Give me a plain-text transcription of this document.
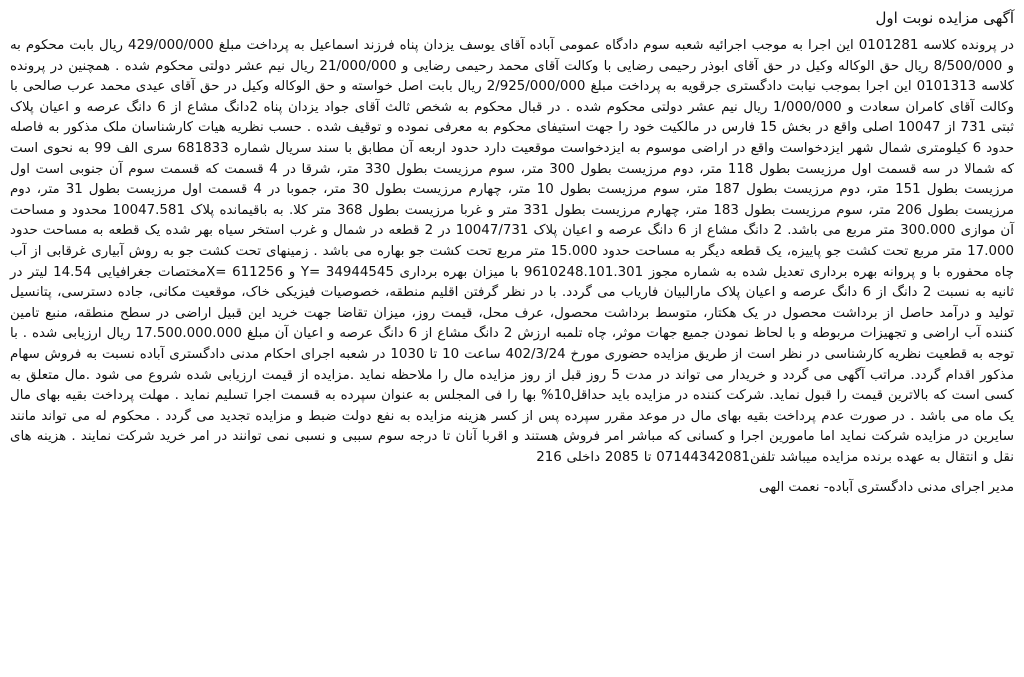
آگهی مزایده نوبت اول

در پرونده کلاسه 0101281 این اجرا به موجب اجرائیه شعبه سوم دادگاه عمومی آباده آقای یوسف یزدان پناه فرزند اسماعیل به پرداخت مبلغ 429/000/000 ریال بابت محکوم به و 8/500/000 ریال حق الوکاله وکیل در حق آقای ابوذر رحیمی رضایی با وکالت آقای محمد رحیمی رضایی و 21/000/000 ریال نیم عشر دولتی محکوم شده . همچنین در پرونده کلاسه 0101313 این اجرا بموجب نیابت دادگستری جرقویه به پرداخت مبلغ 2/925/000/000 ریال بابت اصل خواسته و حق الوکاله وکیل در حق آقای عیدی محمد عرب صالحی با وکالت آقای کامران سعادت و 1/000/000 ریال نیم عشر دولتی محکوم شده . در قبال محکوم به شخص ثالث آقای جواد یزدان پناه 2دانگ مشاع از 6 دانگ عرصه و اعیان پلاک ثبتی 731 از 10047 اصلی واقع در بخش 15 فارس در مالکیت خود را جهت استیفای محکوم به معرفی نموده و توقیف شده . حسب نظریه هیات کارشناسان ملک مذکور به فاصله حدود 6 کیلومتری شمال شهر ایزدخواست واقع در اراضی موسوم به ایزدخواست موقعیت دارد حدود اربعه آن مطابق با سند سریال شماره 681833 سری الف 99 به نحوی است که شمالا در سه قسمت اول مرزیست بطول 118 متر، دوم مرزیست بطول 300 متر، سوم مرزیست بطول 330 متر، شرقا در 4 قسمت که قسمت سوم آن جنوبی است اول مرزیست بطول 151 متر، دوم مرزیست بطول 187 متر، سوم مرزیست بطول 10 متر، چهارم مرزیست بطول 30 متر، جموبا در 4 قسمت اول مرزیست بطول 31 متر، دوم مرزیست بطول 206 متر، سوم مرزیست بطول 183 متر، چهارم مرزیست بطول 331 متر و غربا مرزیست بطول 368 متر کلا. به باقیمانده پلاک 10047.581 محدود و مساحت آن موازی 300.000 متر مربع می باشد. 2 دانگ مشاع از 6 دانگ عرصه و اعیان پلاک 10047/731 در 2 قطعه در شمال و غرب استخر سیاه بهر شده یک قطعه به مساحت حدود 17.000 متر مربع تحت کشت جو پاییزه، یک قطعه دیگر به مساحت حدود 15.000 متر مربع تحت کشت جو بهاره می باشد . زمینهای تحت کشت جو به روش آبیاری غرقابی از آب چاه محفوره با و پروانه بهره برداری تعدیل شده به شماره مجوز 9610248.101.301 با میزان بهره برداری Y= 34944545 و 611256 =Xمختصات جغرافیایی 14.54 لیتر در ثانیه به نسبت 2 دانگ از 6 دانگ عرصه و اعیان پلاک مارالبیان فاریاب می گردد. با در نظر گرفتن اقلیم منطقه، خصوصیات فیزیکی خاک، موقعیت مکانی، جاده دسترسی، پتانسیل تولید و درآمد حاصل از برداشت محصول در یک هکتار، متوسط برداشت محصول، عرف محل، قیمت روز، میزان تقاضا جهت خرید این قبیل اراضی در سطح منطقه، منبع تامین کننده آب اراضی و تجهیزات مربوطه و با لحاظ نمودن جمیع جهات موثر، چاه تلمبه ارزش 2 دانگ مشاع از 6 دانگ عرصه و اعیان آن مبلغ 17.500.000.000 ریال ارزیابی شده . با توجه به قطعیت نظریه کارشناسی در نظر است از طریق مزایده حضوری مورخ 402/3/24 ساعت 10 تا 1030 در شعبه اجرای احکام مدنی دادگستری آباده نسبت به فروش سهام مذکور اقدام گردد. مراتب آگهی می گردد و خریدار می تواند در مدت 5 روز قبل از روز مزایده مال را ملاحظه نماید .مزایده از قیمت ارزیابی شده شروع می شود .مال متعلق به کسی است که بالاترین قیمت را قبول نماید. شرکت کننده در مزایده باید حداقل10% بها را فی المجلس به عنوان سپرده به قسمت اجرا تسلیم نماید . مهلت پرداخت بقیه بهای مال یک ماه می باشد . در صورت عدم پرداخت بقیه بهای مال در موعد مقرر سپرده پس از کسر هزینه مزایده به نفع دولت ضبط و مزایده تجدید می گردد . محکوم له می تواند مانند سایرین در مزایده شرکت نماید اما مامورین اجرا و کسانی که مباشر امر فروش هستند و اقربا آنان تا درجه سوم سببی و نسبی نمی توانند در امر خرید شرکت نمایند . هزینه های نقل و انتقال به عهده برنده مزایده میباشد تلفن07144342081 تا 2085 داخلی 216

مدیر اجرای مدنی دادگستری آباده- نعمت الهی
